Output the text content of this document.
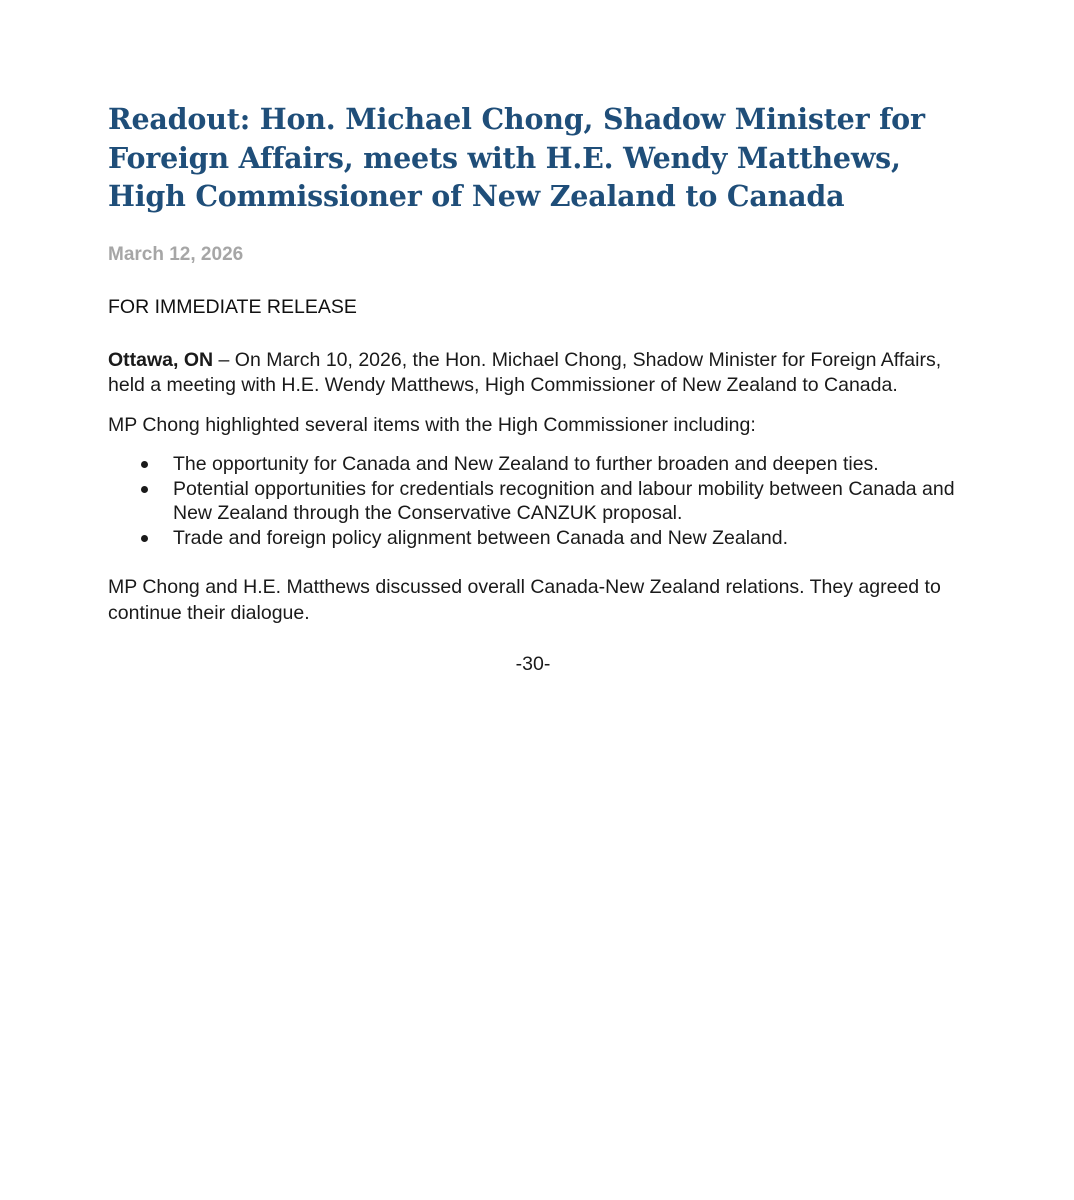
Readout: Hon. Michael Chong, Shadow Minister for Foreign Affairs, meets with H.E. Wendy Matthews, High Commissioner of New Zealand to Canada
March 12, 2026
FOR IMMEDIATE RELEASE

Ottawa, ON – On March 10, 2026, the Hon. Michael Chong, Shadow Minister for Foreign Affairs, held a meeting with H.E. Wendy Matthews, High Commissioner of New Zealand to Canada.

MP Chong highlighted several items with the High Commissioner including:

The opportunity for Canada and New Zealand to further broaden and deepen ties.
Potential opportunities for credentials recognition and labour mobility between Canada and New Zealand through the Conservative CANZUK proposal.
Trade and foreign policy alignment between Canada and New Zealand.

MP Chong and H.E. Matthews discussed overall Canada-New Zealand relations. They agreed to continue their dialogue.

-30-
